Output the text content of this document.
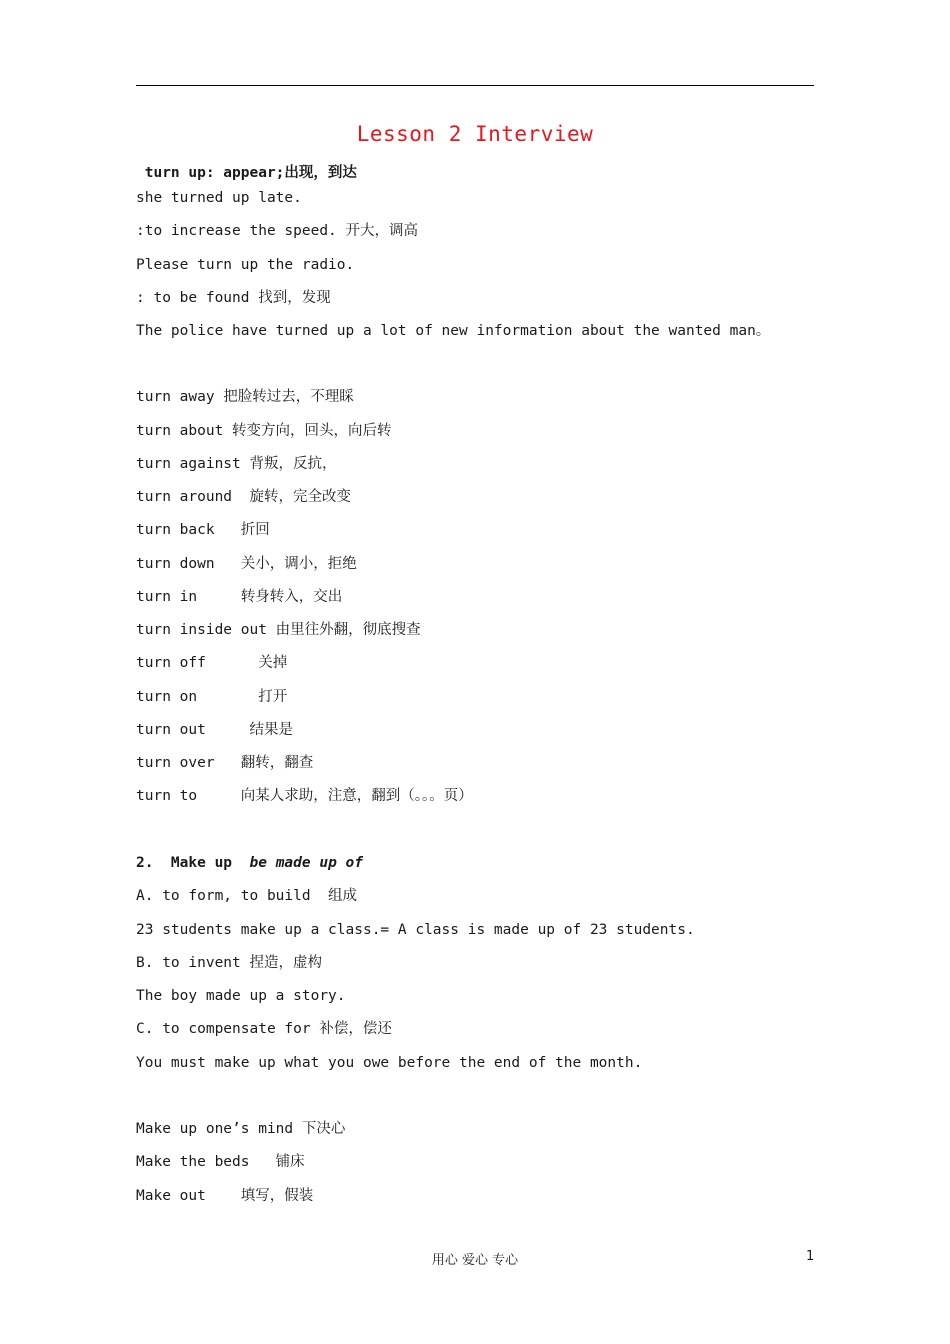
Lesson 2 Interview
turn up: appear;出现，到达
she turned up late.
:to increase the speed. 开大，调高
Please turn up the radio.
: to be found 找到，发现
The police have turned up a lot of new information about the wanted man。
turn away 把脸转过去，不理睬
turn about 转变方向，回头，向后转
turn against 背叛，反抗，
turn around  旋转，完全改变
turn back   折回
turn down   关小，调小，拒绝
turn in     转身转入，交出
turn inside out 由里往外翻，彻底搜查
turn off      关掉
turn on       打开
turn out     结果是
turn over   翻转，翻查
turn to     向某人求助，注意，翻到（。。。页）
2.  Make up  be made up of
A. to form, to build  组成
23 students make up a class.= A class is made up of 23 students.
B. to invent 捏造，虚构
The boy made up a story.
C. to compensate for 补偿，偿还
You must make up what you owe before the end of the month.
Make up one’s mind 下决心
Make the beds   铺床
Make out    填写，假装
用心 爱心 专心	1
